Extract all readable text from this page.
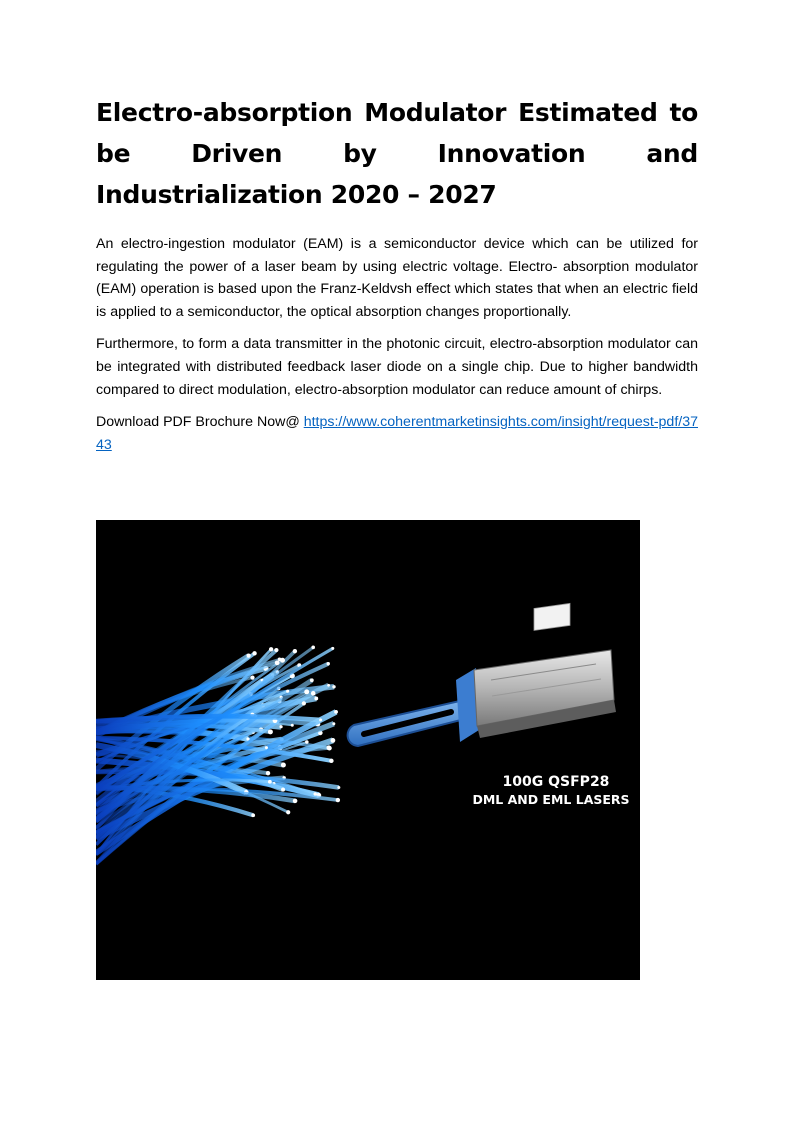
Electro-absorption Modulator Estimated to be Driven by Innovation and Industrialization 2020 – 2027

An electro-ingestion modulator (EAM) is a semiconductor device which can be utilized for regulating the power of a laser beam by using electric voltage. Electro- absorption modulator (EAM) operation is based upon the Franz-Keldvsh effect which states that when an electric field is applied to a semiconductor, the optical absorption changes proportionally.

Furthermore, to form a data transmitter in the photonic circuit, electro-absorption modulator can be integrated with distributed feedback laser diode on a single chip. Due to higher bandwidth compared to direct modulation, electro-absorption modulator can reduce amount of chirps.

Download PDF Brochure Now@ https://www.coherentmarketinsights.com/insight/request-pdf/3743

100G QSFP28
DML AND EML LASERS
